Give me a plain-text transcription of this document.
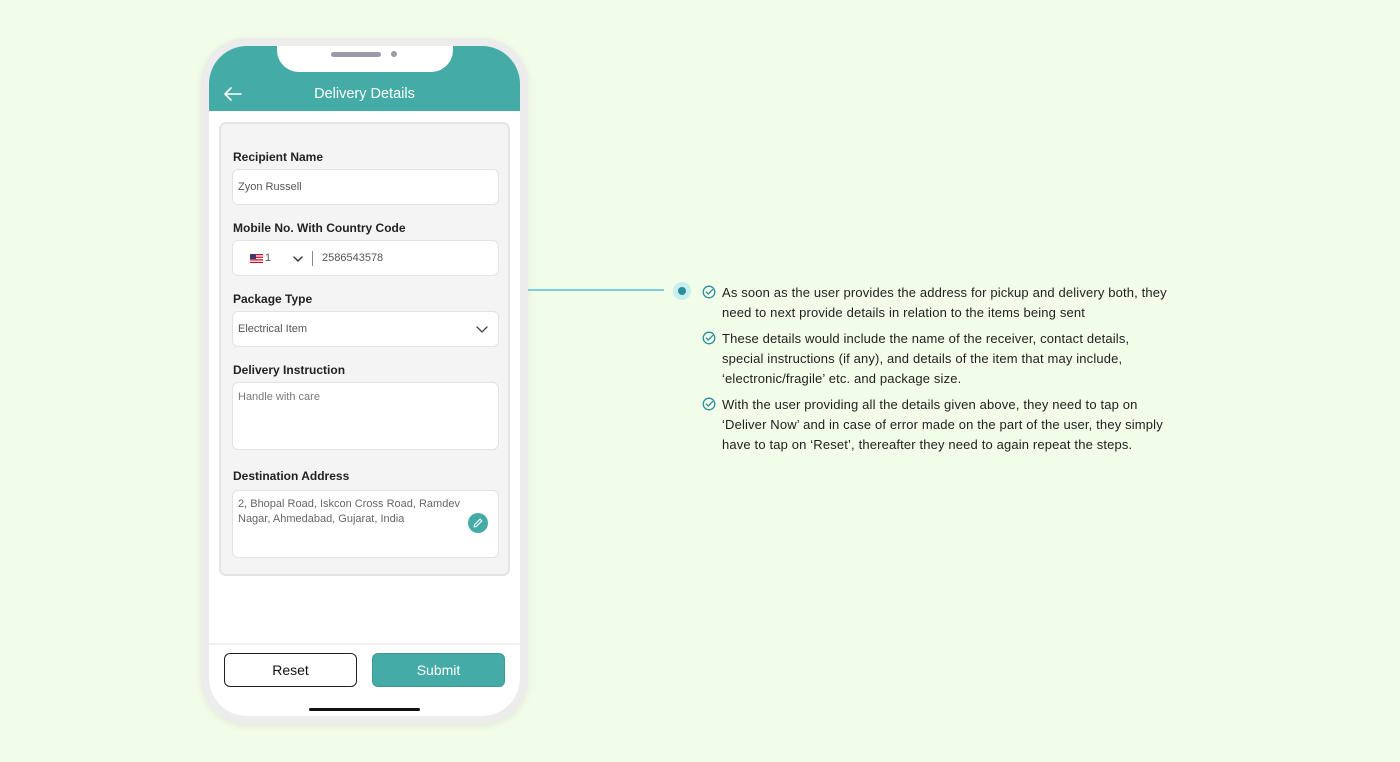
Delivery Details
Recipient Name
Zyon Russell
Mobile No. With Country Code
1	2586543578
Package Type
Electrical Item
Delivery Instruction
Handle with care
Destination Address
2, Bhopal Road, Iskcon Cross Road, Ramdev Nagar, Ahmedabad, Gujarat, India
Reset	Submit
As soon as the user provides the address for pickup and delivery both, they need to next provide details in relation to the items being sent
These details would include the name of the receiver, contact details, special instructions (if any), and details of the item that may include, ‘electronic/fragile’ etc. and package size.
With the user providing all the details given above, they need to tap on ‘Deliver Now’ and in case of error made on the part of the user, they simply have to tap on ‘Reset’, thereafter they need to again repeat the steps.
